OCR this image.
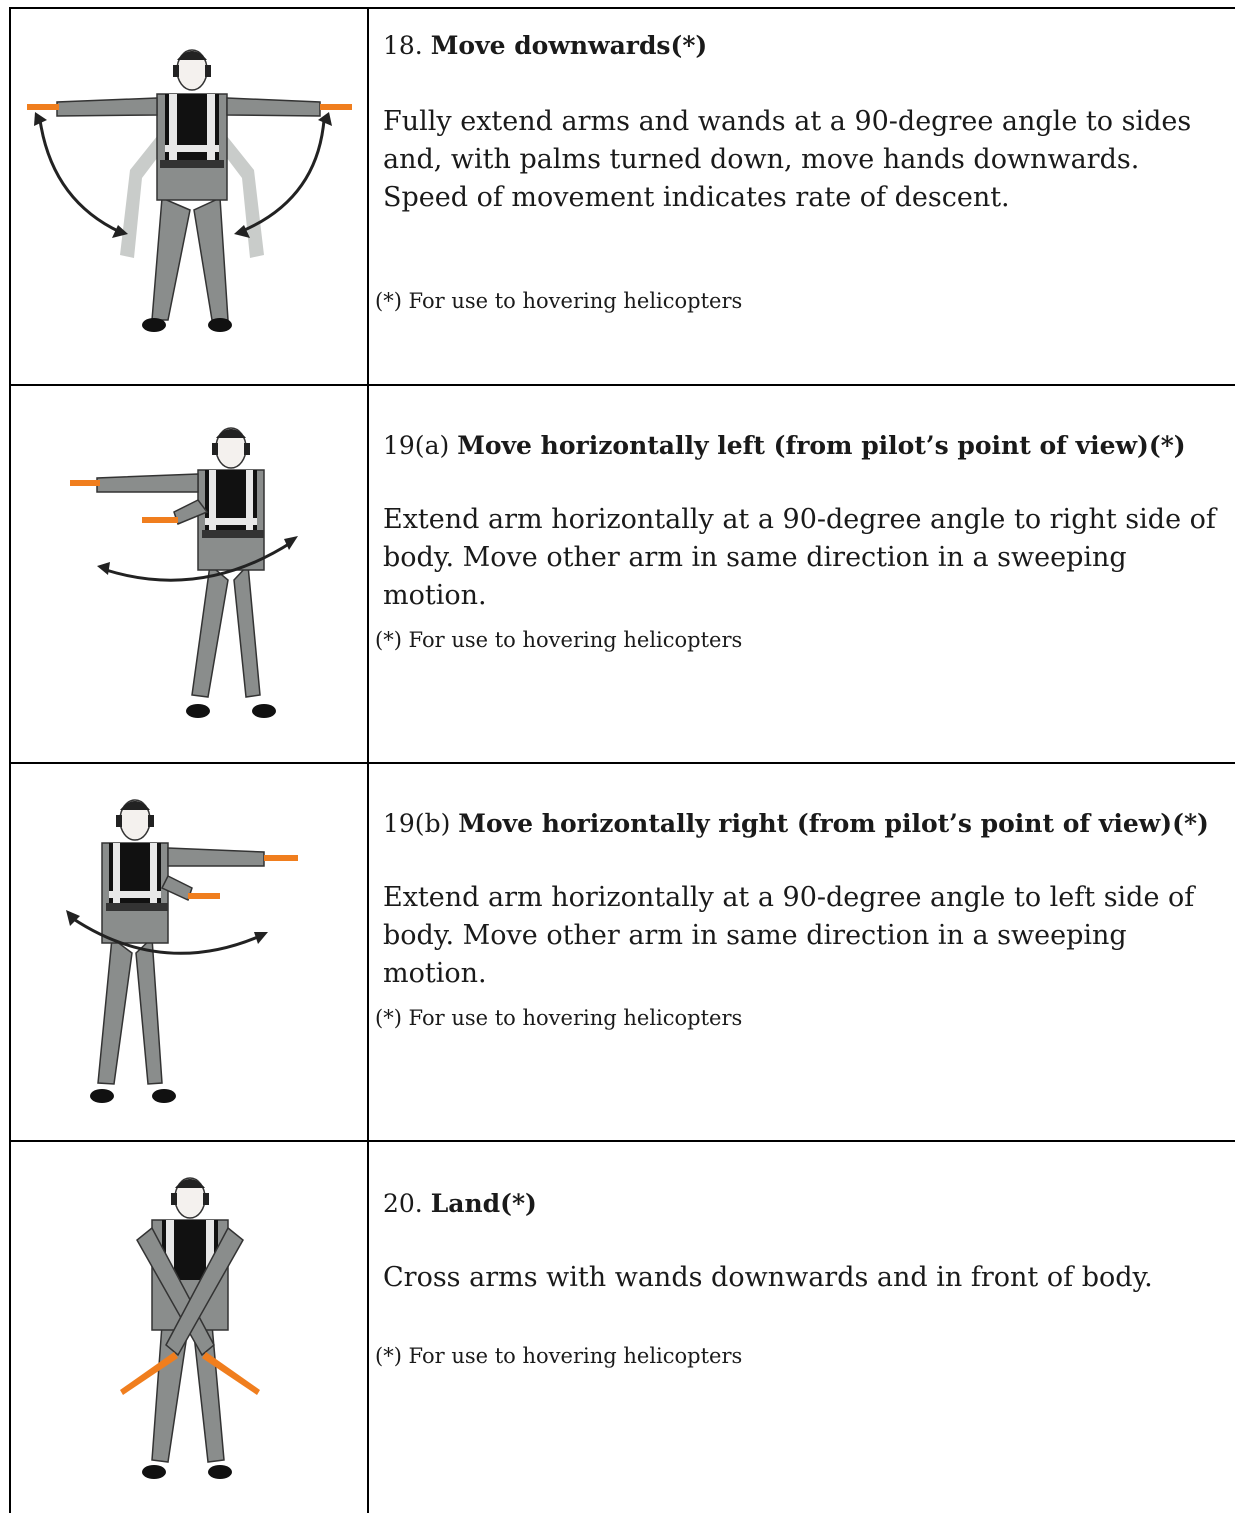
18. Move downwards(*)

Fully extend arms and wands at a 90-degree angle to sides and, with palms turned down, move hands downwards. Speed of movement indicates rate of descent.

(*) For use to hovering helicopters

19(a) Move horizontally left (from pilot’s point of view)(*)

Extend arm horizontally at a 90-degree angle to right side of body. Move other arm in same direction in a sweeping motion.

(*) For use to hovering helicopters

19(b) Move horizontally right (from pilot’s point of view)(*)

Extend arm horizontally at a 90-degree angle to left side of body. Move other arm in same direction in a sweeping motion.

(*) For use to hovering helicopters

20. Land(*)

Cross arms with wands downwards and in front of body.

(*) For use to hovering helicopters
